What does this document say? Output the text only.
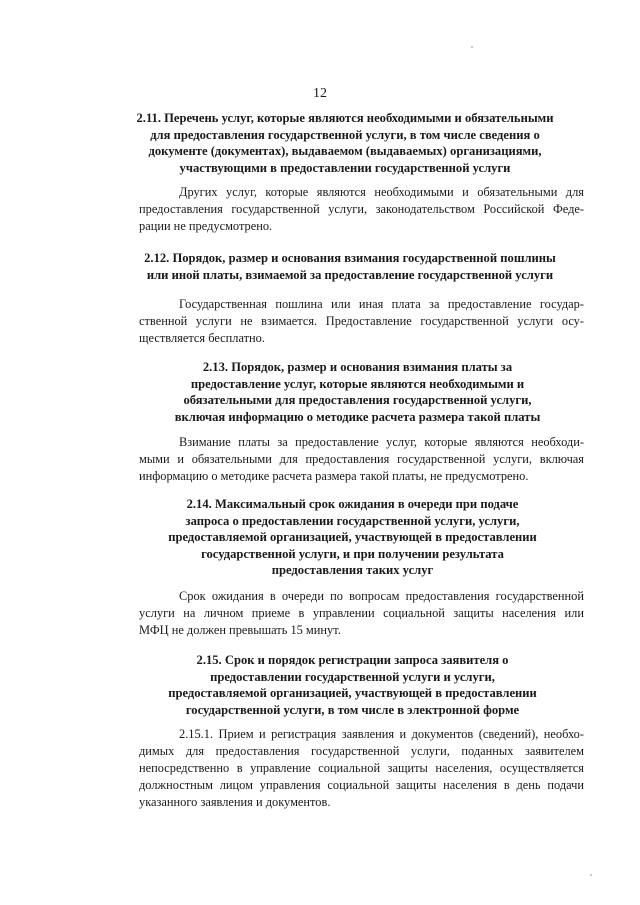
12
2.11. Перечень услуг, которые являются необходимыми и обязательными
для предоставления государственной услуги, в том числе сведения о
документе (документах), выдаваемом (выдаваемых) организациями,
участвующими в предоставлении государственной услуги
Других услуг, которые являются необходимыми и обязательными для
предоставления государственной услуги, законодательством Российской Феде-
рации не предусмотрено.
2.12. Порядок, размер и основания взимания государственной пошлины
или иной платы, взимаемой за предоставление государственной услуги
Государственная пошлина или иная плата за предоставление государ-
ственной услуги не взимается. Предоставление государственной услуги осу-
ществляется бесплатно.
2.13. Порядок, размер и основания взимания платы за
предоставление услуг, которые являются необходимыми и
обязательными для предоставления государственной услуги,
включая информацию о методике расчета размера такой платы
Взимание платы за предоставление услуг, которые являются необходи-
мыми и обязательными для предоставления государственной услуги, включая
информацию о методике расчета размера такой платы, не предусмотрено.
2.14. Максимальный срок ожидания в очереди при подаче
запроса о предоставлении государственной услуги, услуги,
предоставляемой организацией, участвующей в предоставлении
государственной услуги, и при получении результата
предоставления таких услуг
Срок ожидания в очереди по вопросам предоставления государственной
услуги на личном приеме в управлении социальной защиты населения или
МФЦ не должен превышать 15 минут.
2.15. Срок и порядок регистрации запроса заявителя о
предоставлении государственной услуги и услуги,
предоставляемой организацией, участвующей в предоставлении
государственной услуги, в том числе в электронной форме
2.15.1. Прием и регистрация заявления и документов (сведений), необхо-
димых для предоставления государственной услуги, поданных заявителем
непосредственно в управление социальной защиты населения, осуществляется
должностным лицом управления социальной защиты населения в день подачи
указанного заявления и документов.
